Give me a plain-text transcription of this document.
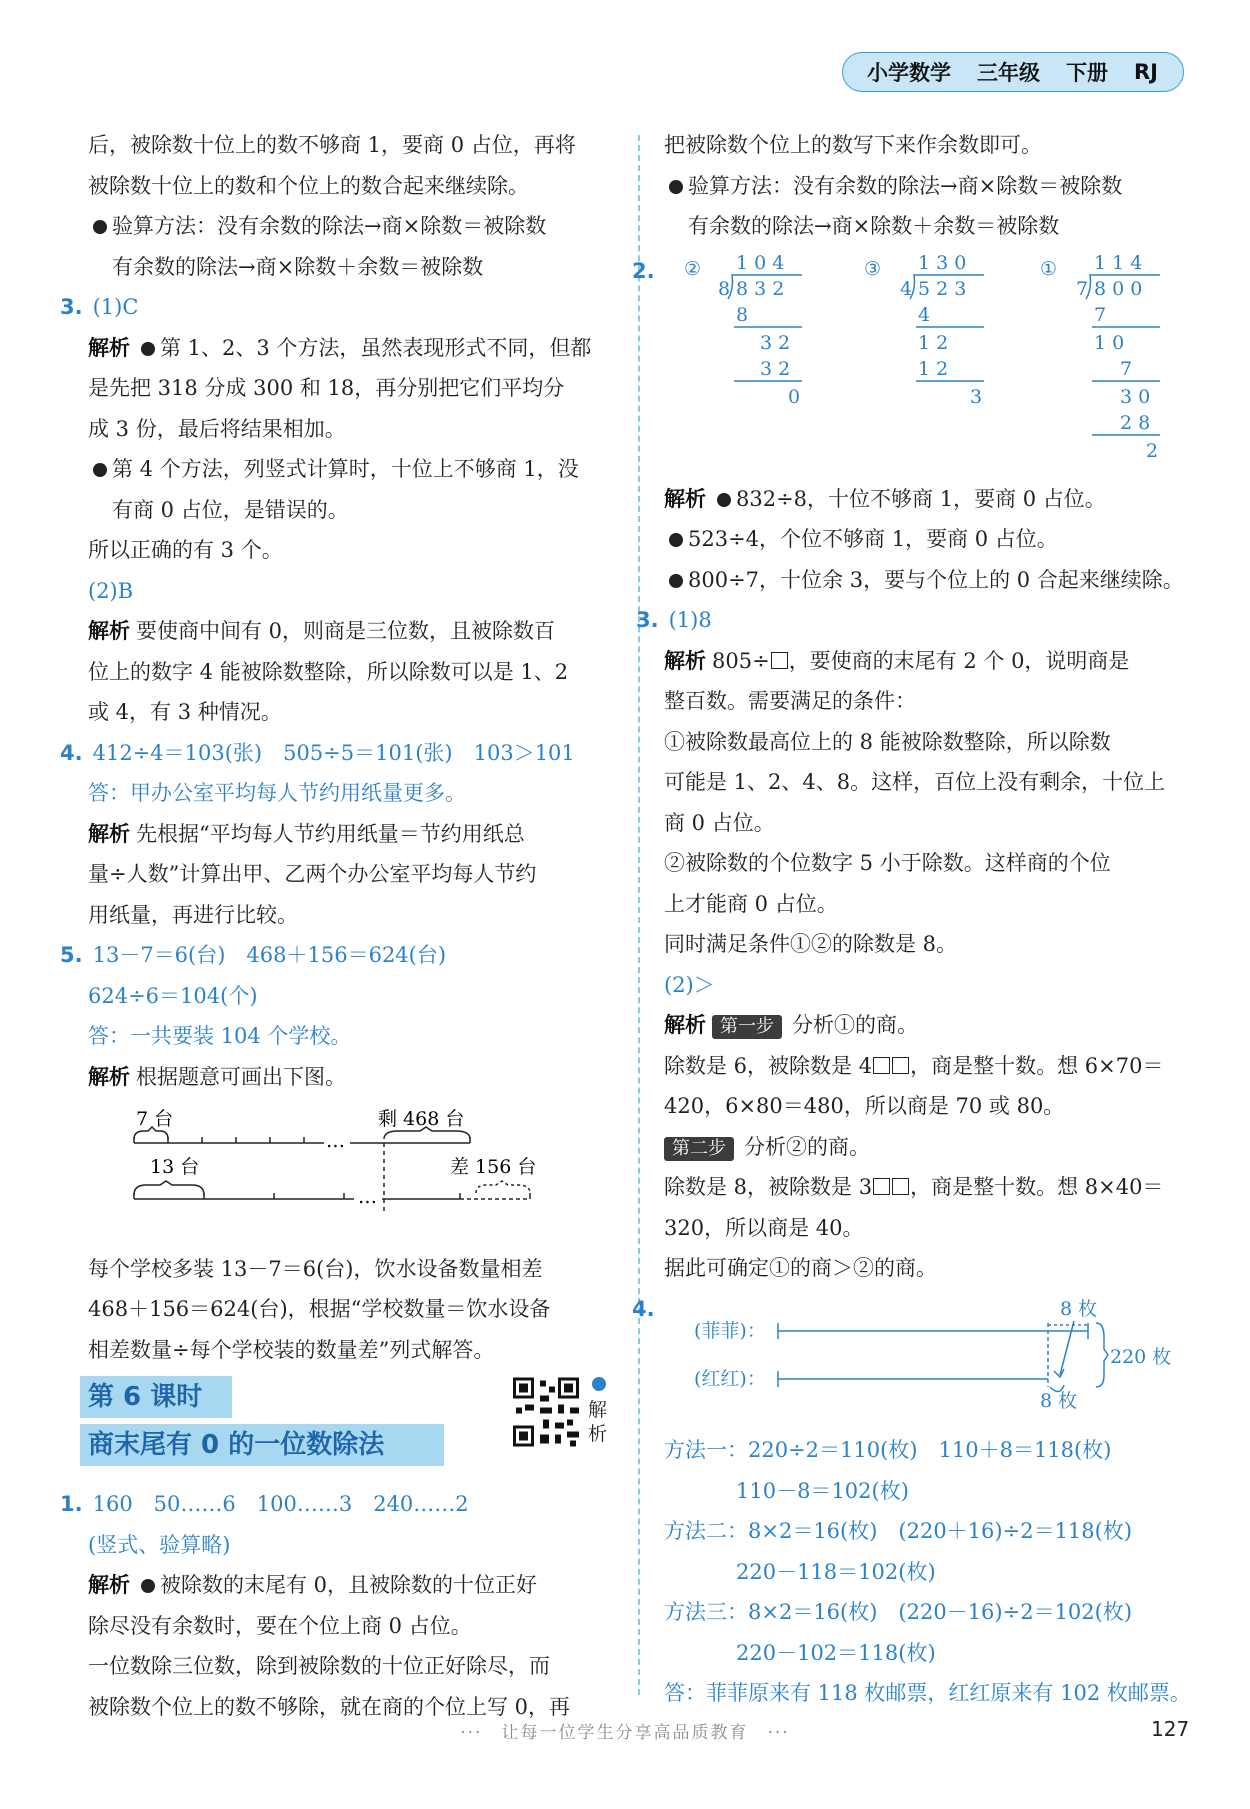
小学数学 三年级 下册 RJ

后，被除数十位上的数不够商 1，要商 0 占位，再将

被除数十位上的数和个位上的数合起来继续除。

验算方法：没有余数的除法→商×除数＝被除数

有余数的除法→商×除数＋余数＝被除数

3. (1)C

解析 第 1、2、3 个方法，虽然表现形式不同，但都

是先把 318 分成 300 和 18，再分别把它们平均分

成 3 份，最后将结果相加。

第 4 个方法，列竖式计算时，十位上不够商 1，没

有商 0 占位，是错误的。

所以正确的有 3 个。

(2)B

解析 要使商中间有 0，则商是三位数，且被除数百

位上的数字 4 能被除数整除，所以除数可以是 1、2

或 4，有 3 种情况。

4. 412÷4＝103(张)　505÷5＝101(张)　103＞101

答：甲办公室平均每人节约用纸量更多。

解析 先根据“平均每人节约用纸量＝节约用纸总

量÷人数”计算出甲、乙两个办公室平均每人节约

用纸量，再进行比较。

5. 13－7＝6(台)　468＋156＝624(台)

624÷6＝104(个)

答：一共要装 104 个学校。

解析 根据题意可画出下图。

7 台
…
剩 468 台
13 台
…
差 156 台

每个学校多装 13－7＝6(台)，饮水设备数量相差

468＋156＝624(台)，根据“学校数量＝饮水设备

相差数量÷每个学校装的数量差”列式解答。

第 6 课时
商末尾有 0 的一位数除法
解析

1. 160　50……6　100……3　240……2

(竖式、验算略)

解析 被除数的末尾有 0，且被除数的十位正好

除尽没有余数时，要在个位上商 0 占位。

一位数除三位数，除到被除数的十位正好除尽，而

被除数个位上的数不够除，就在商的个位上写 0，再

把被除数个位上的数写下来作余数即可。

验算方法：没有余数的除法→商×除数＝被除数

有余数的除法→商×除数＋余数＝被除数

2. ② 1 0 4
8 8 3 2
8
3 2
3 2
0
③ 1 3 0
4 5 2 3
4
1 2
1 2
3
① 1 1 4
7 8 0 0
7
1 0
7
3 0
2 8
2

解析 832÷8，十位不够商 1，要商 0 占位。

523÷4，个位不够商 1，要商 0 占位。

800÷7，十位余 3，要与个位上的 0 合起来继续除。

3. (1)8

解析 805÷ ，要使商的末尾有 2 个 0，说明商是

整百数。需要满足的条件：

①被除数最高位上的 8 能被除数整除，所以除数

可能是 1、2、4、8。这样，百位上没有剩余，十位上

商 0 占位。

②被除数的个位数字 5 小于除数。这样商的个位

上才能商 0 占位。

同时满足条件①②的除数是 8。

(2)＞

解析 第一步 分析①的商。

除数是 6，被除数是 4 ，商是整十数。想 6×70＝

420，6×80＝480，所以商是 70 或 80。

第二步 分析②的商。

除数是 8，被除数是 3 ，商是整十数。想 8×40＝

320，所以商是 40。

据此可确定①的商＞②的商。

4.
(菲菲)：
(红红)：
8 枚
220 枚
8 枚

方法一：220÷2＝110(枚)　110＋8＝118(枚)

110－8＝102(枚)

方法二：8×2＝16(枚)　(220＋16)÷2＝118(枚)

220－118＝102(枚)

方法三：8×2＝16(枚)　(220－16)÷2＝102(枚)

220－102＝118(枚)

答：菲菲原来有 118 枚邮票，红红原来有 102 枚邮票。

···　让每一位学生分享高品质教育　···	127
